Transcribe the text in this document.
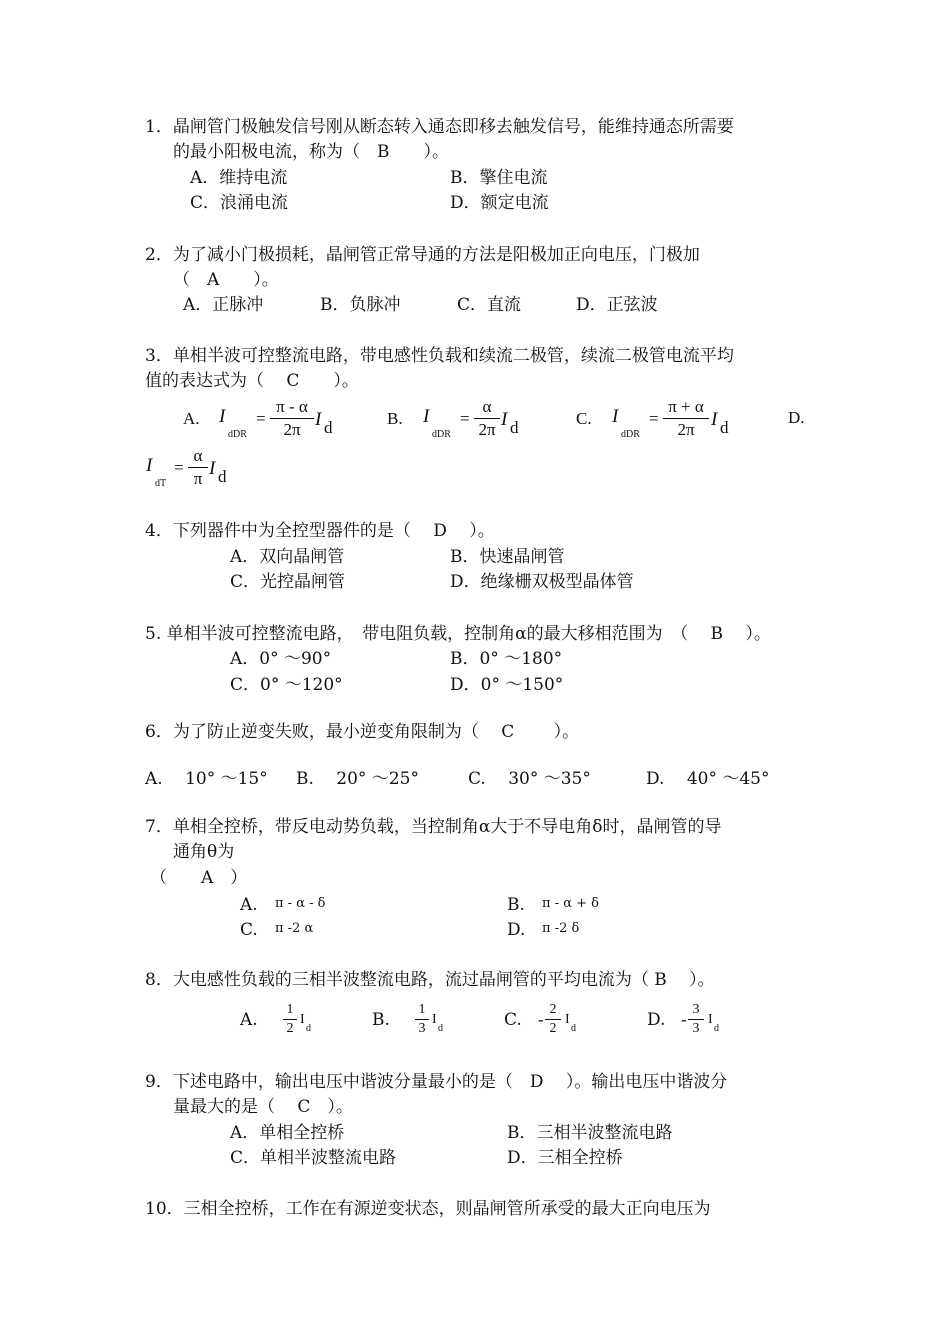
1．晶闸管门极触发信号刚从断态转入通态即移去触发信号，能维持通态所需要
的最小阳极电流，称为（　B　　）。
A．维持电流	B．擎住电流
C．浪涌电流	D．额定电流
2．为了减小门极损耗，晶闸管正常导通的方法是阳极加正向电压，门极加
（　A　　）。
A．正脉冲	B．负脉冲	C．直流	D．正弦波
3．单相半波可控整流电路，带电感性负载和续流二极管，续流二极管电流平均
值的表达式为（　 C　　）。
A. I
dDR
=
π - α
2π I d	B. I
dDR
=
α
2π I d	C. I
dDR
=
π + α
2π I d
D.
I
dT
=
α
π I d
4．下列器件中为全控型器件的是（　 D　 ）。
A．双向晶闸管	B．快速晶闸管
C．光控晶闸管	D．绝缘栅双极型晶体管
5. 单相半波可控整流电路，　带电阻负载，控制角α的最大移相范围为　（　 B　 ）。
A．0° ～90°	B．0° ～180°
C．0° ～120°	D．0° ～150°
6．为了防止逆变失败，最小逆变角限制为（　 C　　 ）。
A.　 10° ～15° B.　 20° ～25°	C.　 30° ～35°	D.　 40° ～45°
7．单相全控桥，带反电动势负载，当控制角α大于不导电角δ时，晶闸管的导
通角θ为
（　　A　）
A. π - α - δ	B. π - α + δ
C. π -2 α	D. π -2 δ
8．大电感性负载的三相半波整流电路，流过晶闸管的平均电流为（ B　 ）。
A.
1
2
I
d	B.
1
3
I
d	C. -
2
2
I
d	D. -
3
3
I
d
9．下述电路中，输出电压中谐波分量最小的是（　D　 ）。输出电压中谐波分
量最大的是（　 C　）。
A．单相全控桥	B．三相半波整流电路
C．单相半波整流电路	D．三相全控桥
10．三相全控桥，工作在有源逆变状态，则晶闸管所承受的最大正向电压为
